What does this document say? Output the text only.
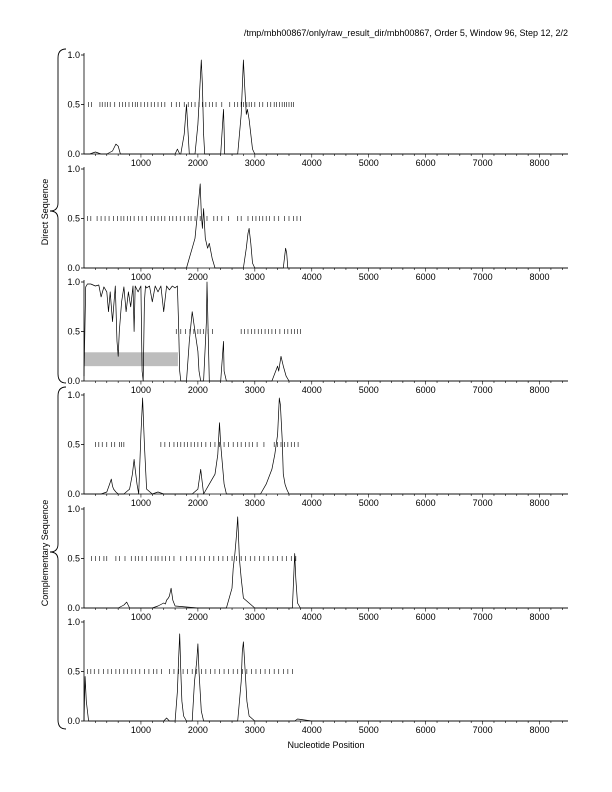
/tmp/mbh00867/only/raw_result_dir/mbh00867, Order 5, Window 96, Step 12, 2/2
0.0
0.5
1.0
1000	2000	3000	4000	5000	6000	7000	8000
0.0
0.5
1.0
1000	2000	3000	4000	5000	6000	7000	8000
0.0
0.5
1.0
1000	2000	3000	4000	5000	6000	7000	8000
0.0
0.5
1.0
1000	2000	3000	4000	5000	6000	7000	8000
0.0
0.5
1.0
1000	2000	3000	4000	5000	6000	7000	8000
0.0
0.5
1.0
1000	2000	3000	4000	5000	6000	7000	8000
Direct Sequence
Complementary Sequence
Nucleotide Position
